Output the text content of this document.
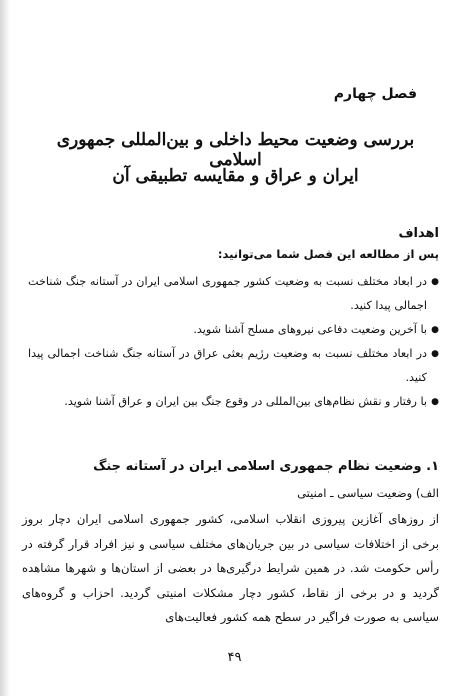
فصل چهارم
بررسی وضعیت محیط داخلی و بین‌المللی جمهوری اسلامی
ایران و عراق و مقایسه تطبیقی آن
اهداف
پس از مطالعه این فصل شما می‌توانید:
●
در ابعاد مختلف نسبت به وضعیت کشور جمهوری اسلامی ایران در آستانه جنگ شناخت اجمالی پیدا کنید.
●
با آخرین وضعیت دفاعی نیروهای مسلح آشنا شوید.
●
در ابعاد مختلف نسبت به وضعیت رژیم بعثی عراق در آستانه جنگ شناخت اجمالی پیدا کنید.
●
با رفتار و نقش نظام‌های بین‌المللی در وقوع جنگ بین ایران و عراق آشنا شوید.
۱. وضعیت نظام جمهوری اسلامی ایران در آستانه جنگ
الف) وضعیت سیاسی ـ امنیتی

از روزهای آغازین پیروزی انقلاب اسلامی، کشور جمهوری اسلامی ایران دچار بروز برخی از اختلافات سیاسی در بین جریان‌های مختلف سیاسی و نیز افراد قرار گرفته در رأس حکومت شد. در همین شرایط درگیری‌ها در بعضی از استان‌ها و شهرها مشاهده گردید و در برخی از نقاط، کشور دچار مشکلات امنیتی گردید. احزاب و گروه‌های سیاسی به صورت فراگیر در سطح همه کشور فعالیت‌های

۴۹
